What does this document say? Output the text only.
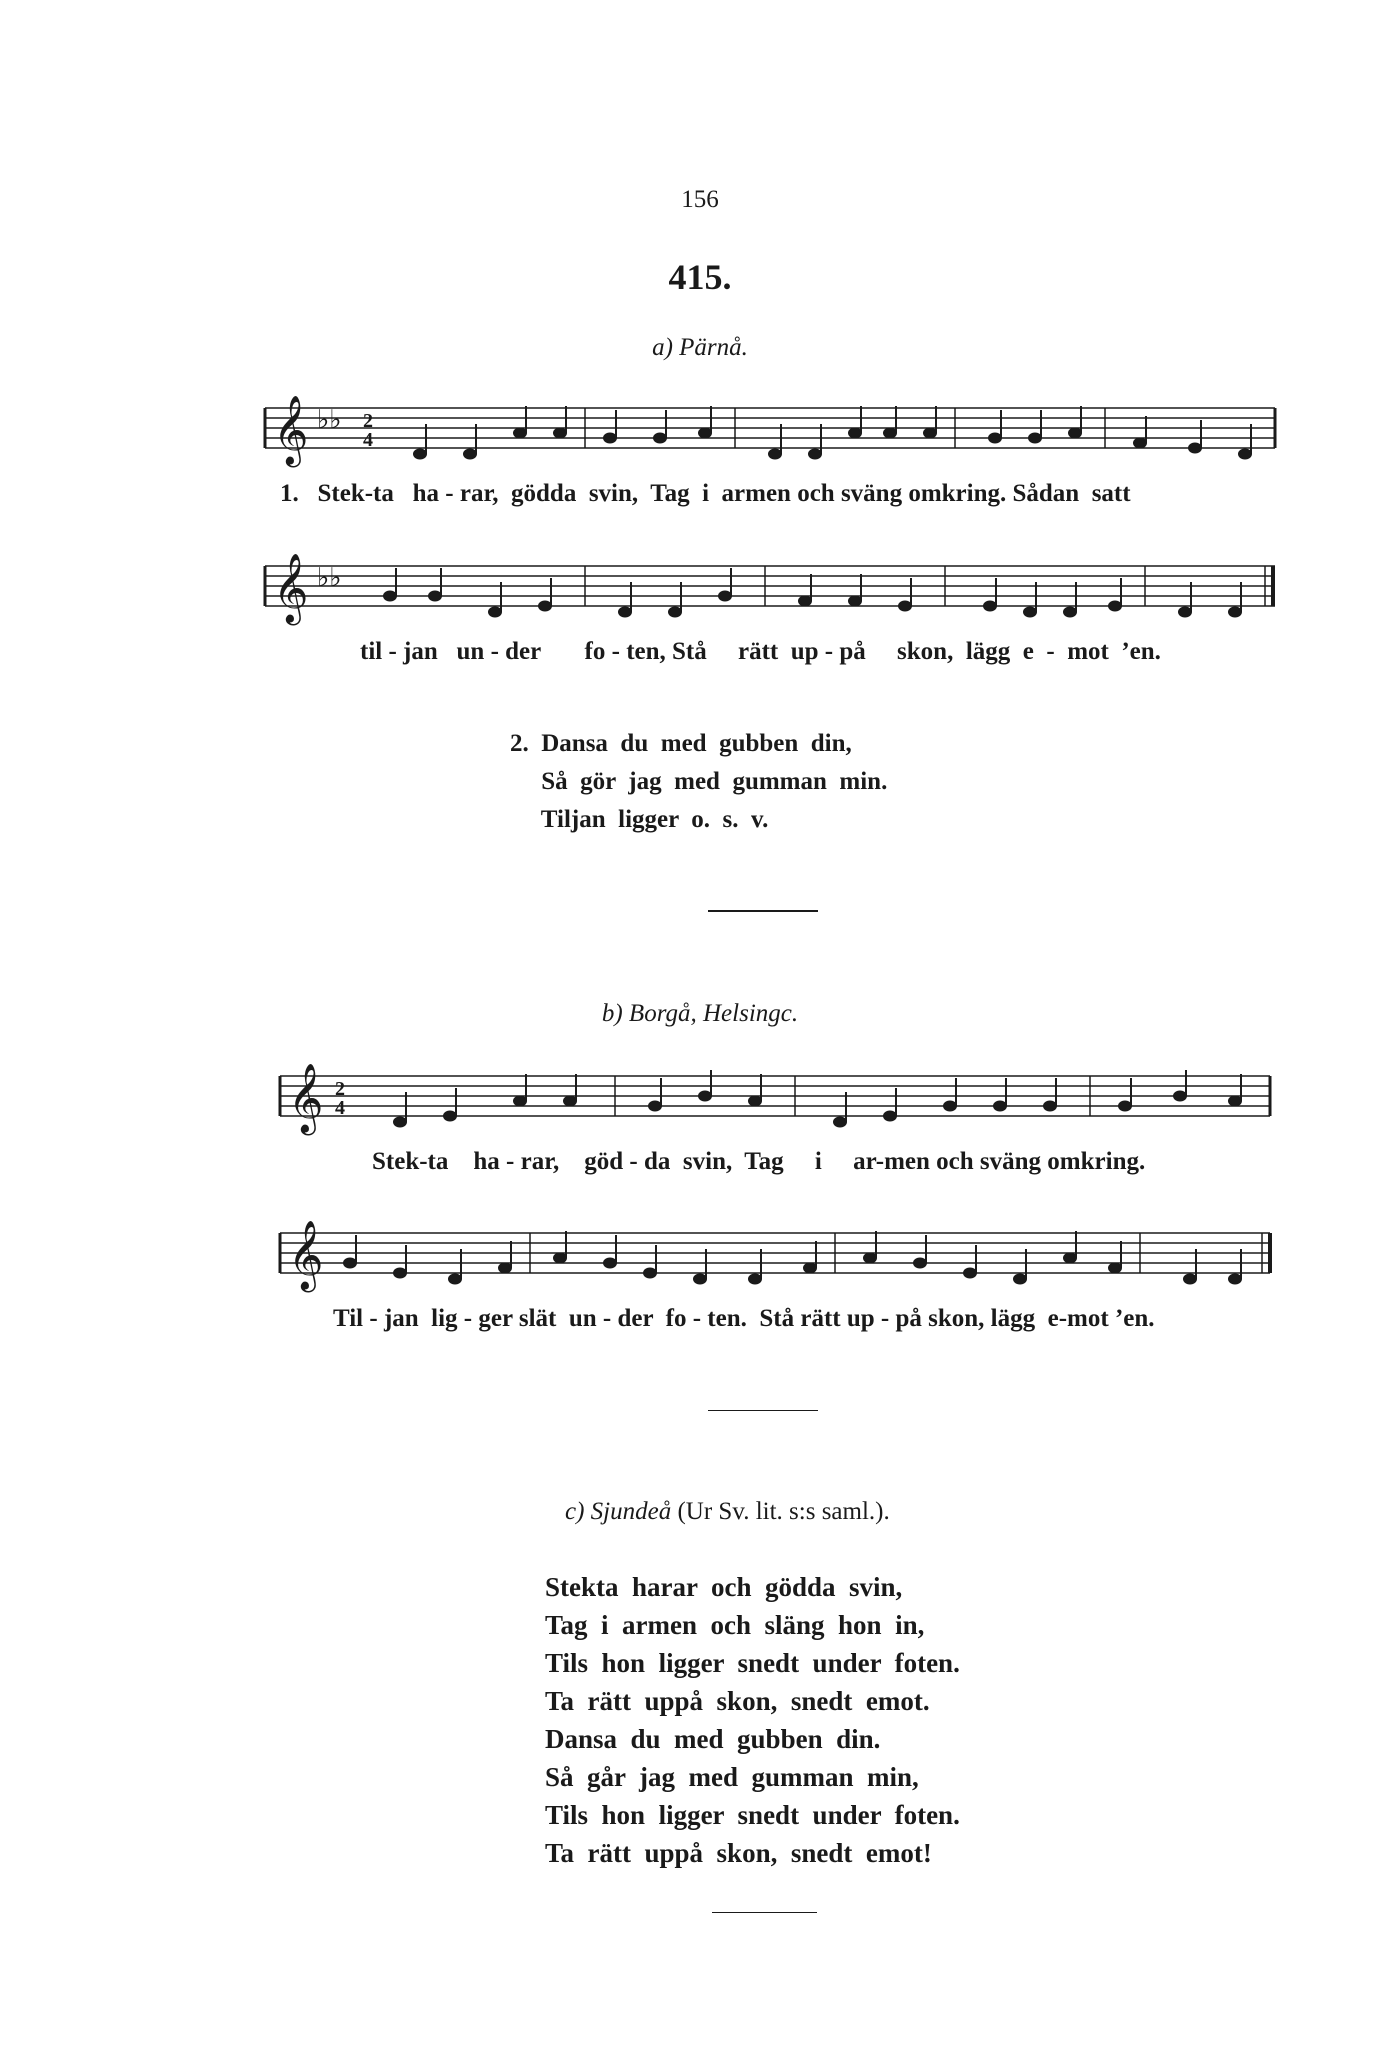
156
415.
a) Pärnå.
𝄞 ♭♭ 2
4
1.   Stek-ta   ha - rar,  gödda  svin,  Tag  i  armen och sväng omkring. Sådan  satt
𝄞 ♭♭
til - jan   un - der       fo - ten, Stå     rätt  up - på     skon,  lägg  e  -  mot  ’en.
2.  Dansa  du  med  gubben  din,
Så  gör  jag  med  gumman  min.
Tiljan  ligger  o.  s.  v.
b) Borgå, Helsingc.
𝄞 2
4
Stek-ta    ha - rar,    göd - da  svin,  Tag     i     ar-men och sväng omkring.
𝄞
Til - jan  lig - ger slät  un - der  fo - ten.  Stå rätt up - på skon, lägg  e-mot ’en.
c) Sjundeå (Ur Sv. lit. s:s saml.).
Stekta  harar  och  gödda  svin,
Tag  i  armen  och  släng  hon  in,
Tils  hon  ligger  snedt  under  foten.
Ta  rätt  uppå  skon,  snedt  emot.
Dansa  du  med  gubben  din.
Så  går  jag  med  gumman  min,
Tils  hon  ligger  snedt  under  foten.
Ta  rätt  uppå  skon,  snedt  emot!
